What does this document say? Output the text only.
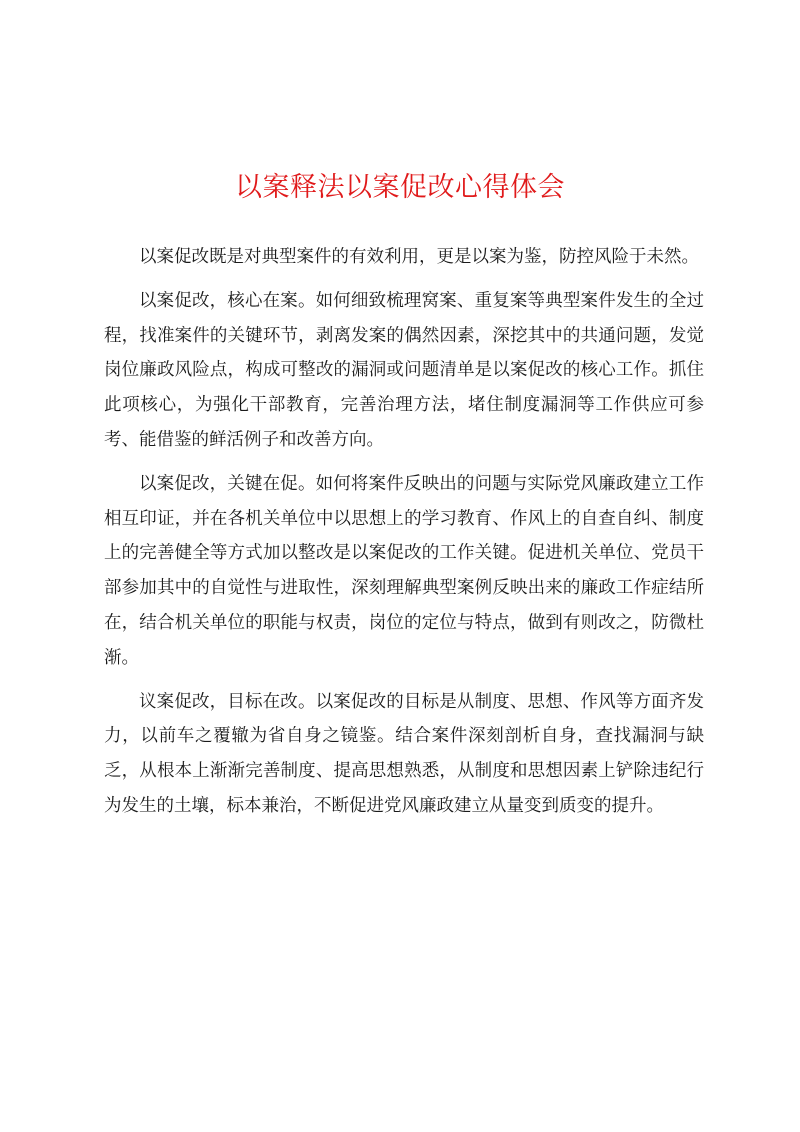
以案释法以案促改心得体会

以案促改既是对典型案件的有效利用，更是以案为鉴，防控风险于未然。

以案促改，核心在案。如何细致梳理窝案、重复案等典型案件发生的全过程，找准案件的关键环节，剥离发案的偶然因素，深挖其中的共通问题，发觉岗位廉政风险点，构成可整改的漏洞或问题清单是以案促改的核心工作。抓住此项核心，为强化干部教育，完善治理方法，堵住制度漏洞等工作供应可参考、能借鉴的鲜活例子和改善方向。

以案促改，关键在促。如何将案件反映出的问题与实际党风廉政建立工作相互印证，并在各机关单位中以思想上的学习教育、作风上的自查自纠、制度上的完善健全等方式加以整改是以案促改的工作关键。促进机关单位、党员干部参加其中的自觉性与进取性，深刻理解典型案例反映出来的廉政工作症结所在，结合机关单位的职能与权责，岗位的定位与特点，做到有则改之，防微杜渐。

议案促改，目标在改。以案促改的目标是从制度、思想、作风等方面齐发力，以前车之覆辙为省自身之镜鉴。结合案件深刻剖析自身，查找漏洞与缺乏，从根本上渐渐完善制度、提高思想熟悉，从制度和思想因素上铲除违纪行为发生的土壤，标本兼治，不断促进党风廉政建立从量变到质变的提升。
